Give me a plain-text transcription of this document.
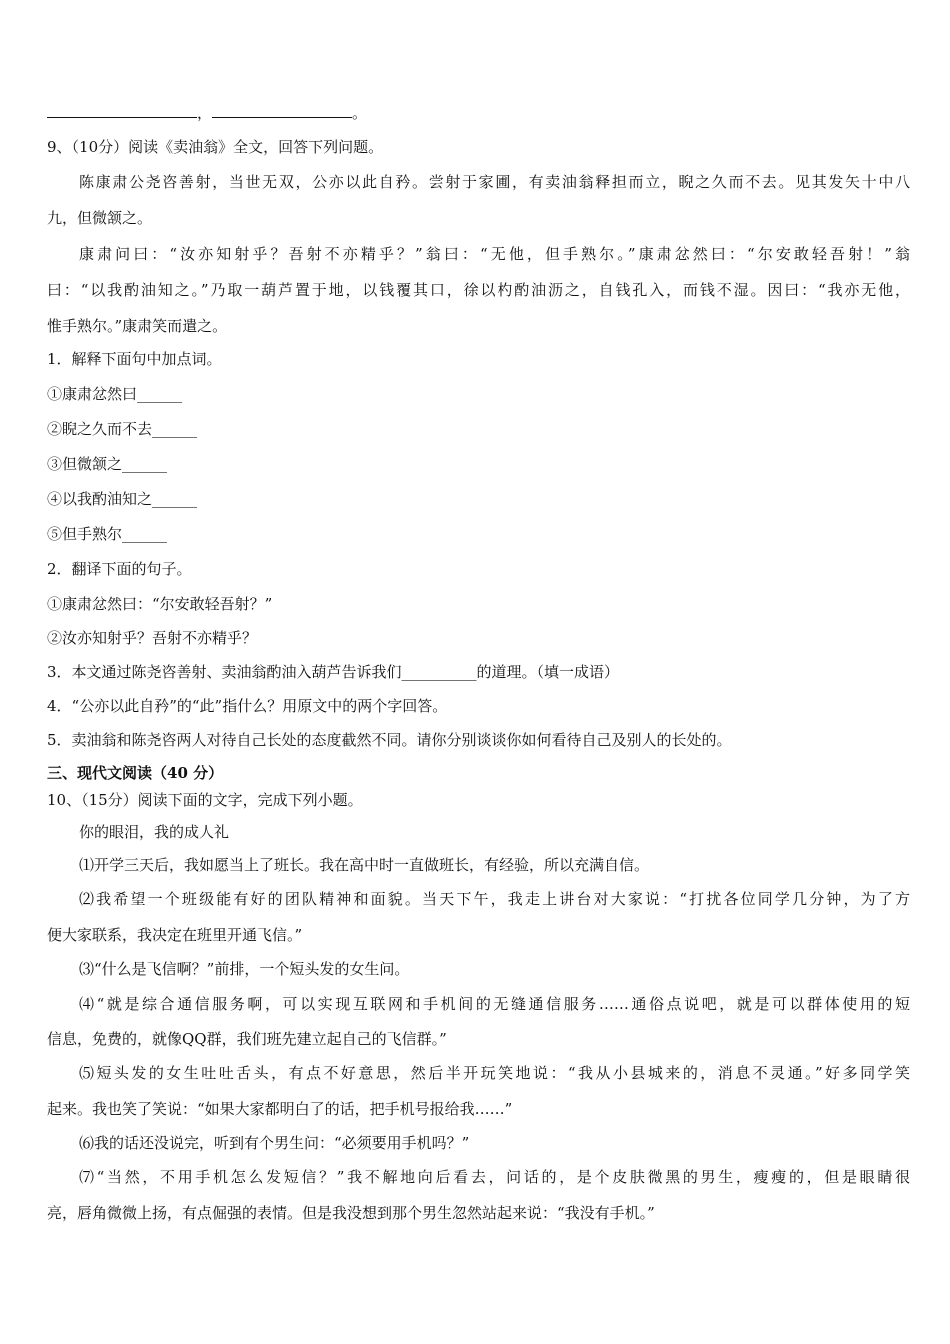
，	。
9、（10分）阅读《卖油翁》全文，回答下列问题。
陈康肃公尧咨善射，当世无双，公亦以此自矜。尝射于家圃，有卖油翁释担而立，睨之久而不去。见其发矢十中八
九，但微颔之。
康肃问曰：“汝亦知射乎？吾射不亦精乎？”翁曰：“无他，但手熟尔。”康肃忿然曰：“尔安敢轻吾射！”翁
曰：“以我酌油知之。”乃取一葫芦置于地，以钱覆其口，徐以杓酌油沥之，自钱孔入，而钱不湿。因曰：“我亦无他，
惟手熟尔。”康肃笑而遣之。
1．解释下面句中加点词。
①康肃忿然曰______
②睨之久而不去______
③但微颔之______
④以我酌油知之______
⑤但手熟尔______
2．翻译下面的句子。
①康肃忿然曰：“尔安敢轻吾射？”
②汝亦知射乎？吾射不亦精乎？
3．本文通过陈尧咨善射、卖油翁酌油入葫芦告诉我们__________的道理。（填一成语）
4．“公亦以此自矜”的“此”指什么？用原文中的两个字回答。
5．卖油翁和陈尧咨两人对待自己长处的态度截然不同。请你分别谈谈你如何看待自己及别人的长处的。
三、现代文阅读（40 分）
10、（15分）阅读下面的文字，完成下列小题。
你的眼泪，我的成人礼
⑴开学三天后，我如愿当上了班长。我在高中时一直做班长，有经验，所以充满自信。
⑵我希望一个班级能有好的团队精神和面貌。当天下午，我走上讲台对大家说：“打扰各位同学几分钟，为了方
便大家联系，我决定在班里开通飞信。”
⑶“什么是飞信啊？”前排，一个短头发的女生问。
⑷“就是综合通信服务啊，可以实现互联网和手机间的无缝通信服务……通俗点说吧，就是可以群体使用的短
信息，免费的，就像QQ群，我们班先建立起自己的飞信群。”
⑸短头发的女生吐吐舌头，有点不好意思，然后半开玩笑地说：“我从小县城来的，消息不灵通。”好多同学笑
起来。我也笑了笑说：“如果大家都明白了的话，把手机号报给我……”
⑹我的话还没说完，听到有个男生问：“必须要用手机吗？”
⑺“当然，不用手机怎么发短信？”我不解地向后看去，问话的，是个皮肤微黑的男生，瘦瘦的，但是眼睛很
亮，唇角微微上扬，有点倔强的表情。但是我没想到那个男生忽然站起来说：“我没有手机。”
